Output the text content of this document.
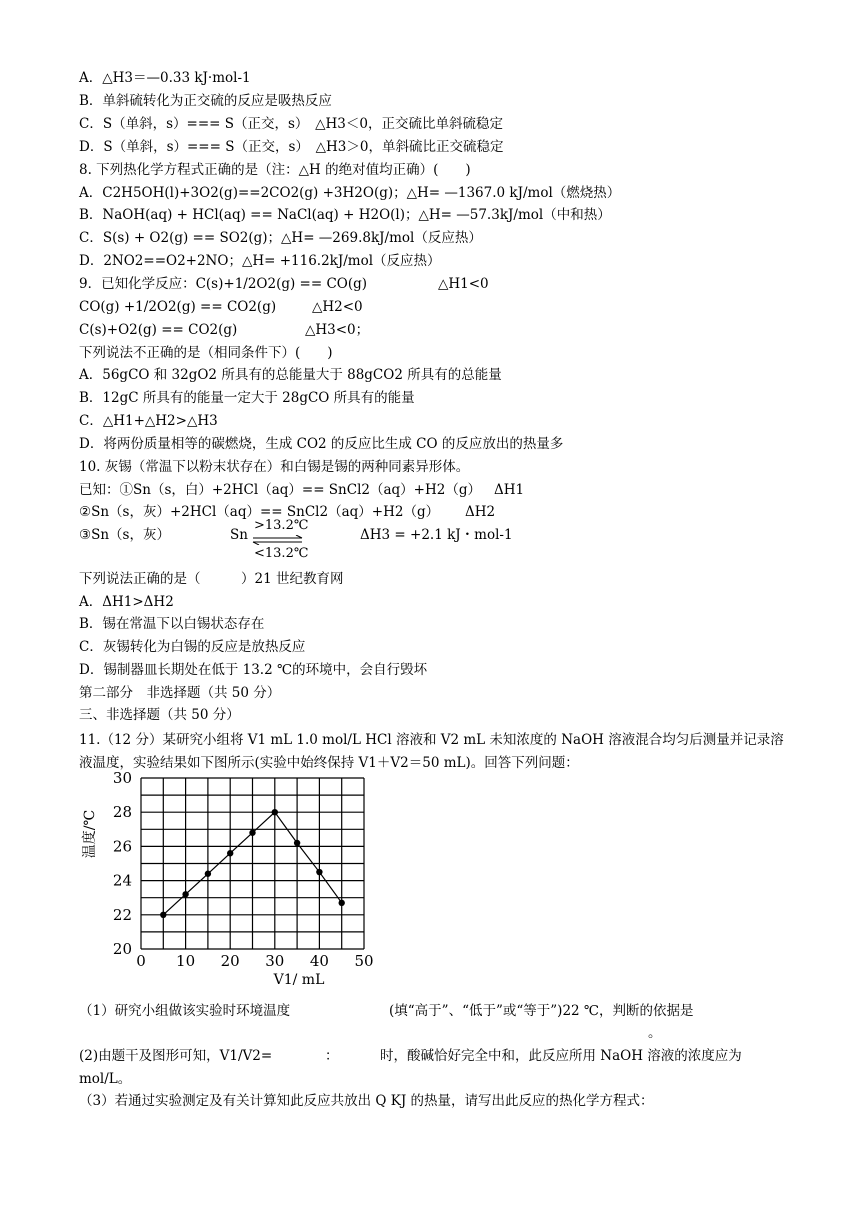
A．△H3＝—0.33 kJ·mol-1
B．单斜硫转化为正交硫的反应是吸热反应
C．S（单斜，s）=== S（正交，s）　△H3＜0，正交硫比单斜硫稳定
D．S（单斜，s）=== S（正交，s）　△H3＞0，单斜硫比正交硫稳定
8. 下列热化学方程式正确的是（注：△H 的绝对值均正确）(　　)
A．C2H5OH(l)+3O2(g)==2CO2(g) +3H2O(g)；△H= —1367.0 kJ/mol（燃烧热）
B．NaOH(aq) + HCl(aq) == NaCl(aq) + H2O(l)；△H= —57.3kJ/mol（中和热）
C．S(s) + O2(g) == SO2(g)；△H= —269.8kJ/mol（反应热）
D．2NO2==O2+2NO；△H= +116.2kJ/mol（反应热）
9．已知化学反应：C(s)+1/2O2(g) == CO(g)	△H1<0
CO(g) +1/2O2(g) == CO2(g)	△H2<0
C(s)+O2(g) == CO2(g)	△H3<0；
下列说法不正确的是（相同条件下）(　　)
A．56gCO 和 32gO2 所具有的总能量大于 88gCO2 所具有的总能量
B．12gC 所具有的能量一定大于 28gCO 所具有的能量
C．△H1+△H2>△H3
D．将两份质量相等的碳燃烧，生成 CO2 的反应比生成 CO 的反应放出的热量多
10. 灰锡（常温下以粉末状存在）和白锡是锡的两种同素异形体。
已知：①Sn（s，白）+2HCl（aq）== SnCl2（aq）+H2（g） ΔH1
②Sn（s，灰）+2HCl（aq）== SnCl2（aq）+H2（g） ΔH2
③Sn（s，灰）	Sn
>13.2℃
<13.2℃
ΔH3 = +2.1 kJ・mol-1
下列说法正确的是（　　　）21 世纪教育网
A．ΔH1>ΔH2
B．锡在常温下以白锡状态存在
C．灰锡转化为白锡的反应是放热反应
D．锡制器皿长期处在低于 13.2 ℃的环境中，会自行毁坏
第二部分　非选择题（共 50 分）
三、非选择题（共 50 分）
11.（12 分）某研究小组将 V1 mL 1.0 mol/L HCl 溶液和 V2 mL 未知浓度的 NaOH 溶液混合均匀后测量并记录溶液温度，实验结果如下图所示(实验中始终保持 V1＋V2＝50 mL)。回答下列问题：
0 10 20 30 40 50
20
22
24
26
28
30
温度/℃
V1/ mL
（1）研究小组做该实验时环境温度	(填“高于”、“低于”或“等于”)22 ℃，判断的依据是
。
(2)由题干及图形可知，V1/V2=	：	时，酸碱恰好完全中和，此反应所用 NaOH 溶液的浓度应为
mol/L。
（3）若通过实验测定及有关计算知此反应共放出 Q KJ 的热量，请写出此反应的热化学方程式：
